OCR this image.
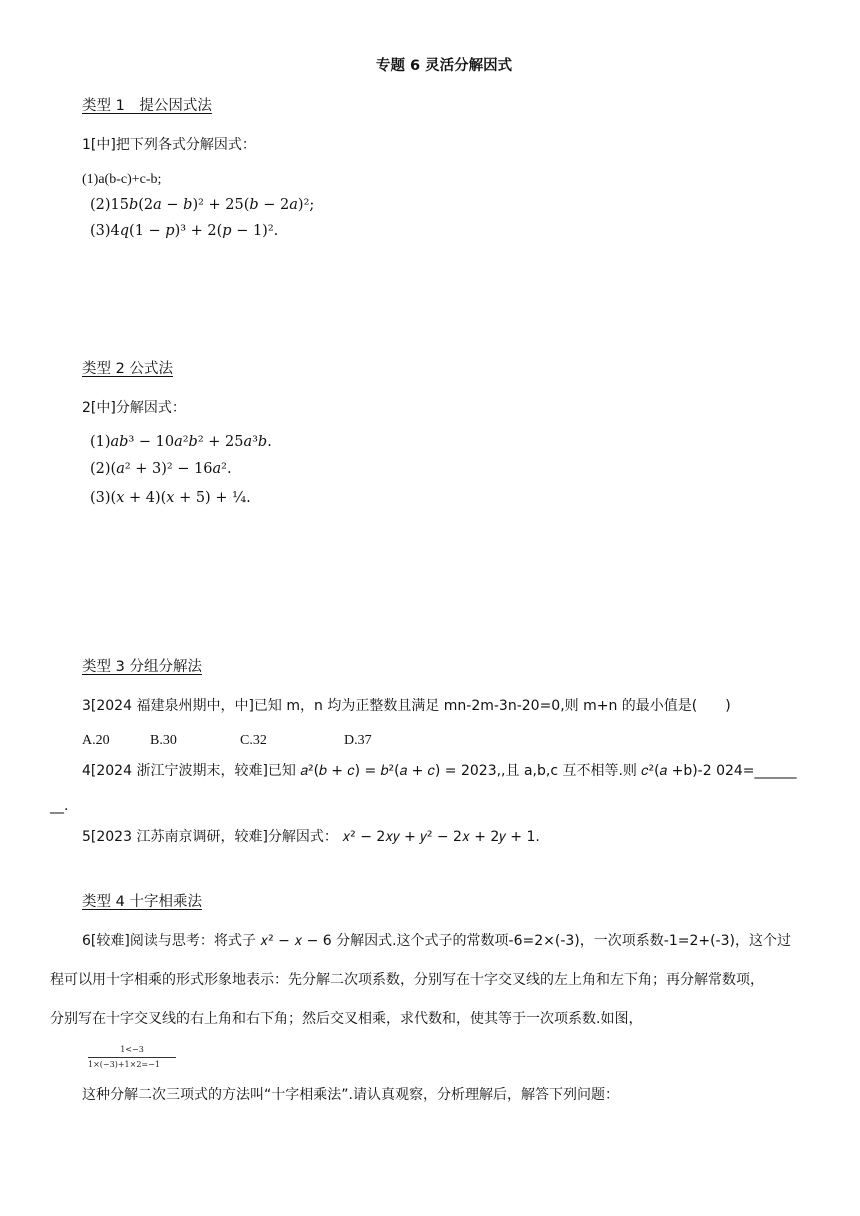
专题 6 灵活分解因式
类型 1　提公因式法
1[中]把下列各式分解因式：
(1)a(b-c)+c-b;
(2)15𝑏(2𝑎 − 𝑏)² + 25(𝑏 − 2𝑎)²;
(3)4𝑞(1 − 𝑝)³ + 2(𝑝 − 1)².
类型 2 公式法
2[中]分解因式：
(1)𝑎𝑏³ − 10𝑎²𝑏² + 25𝑎³𝑏.
(2)(𝑎² + 3)² − 16𝑎².
(3)(𝑥 + 4)(𝑥 + 5) + ¼.
类型 3 分组分解法
3[2024 福建泉州期中，中]已知 m，n 均为正整数且满足 mn-2m-3n-20=0,则 m+n 的最小值是(　　)
A.20	B.30	C.32	D.37
4[2024 浙江宁波期末，较难]已知 𝑎²(𝑏 + 𝑐) = 𝑏²(𝑎 + 𝑐) = 2023,,且 a,b,c 互不相等.则 𝑐²(𝑎 +b)-2 024=______
__.
5[2023 江苏南京调研，较难]分解因式： 𝑥² − 2𝑥𝑦 + 𝑦² − 2𝑥 + 2𝑦 + 1.
类型 4 十字相乘法
6[较难]阅读与思考：将式子 𝑥² − 𝑥 − 6 分解因式.这个式子的常数项-6=2×(-3)，一次项系数-1=2+(-3)，这个过
程可以用十字相乘的形式形象地表示：先分解二次项系数，分别写在十字交叉线的左上角和左下角；再分解常数项，
分别写在十字交叉线的右上角和右下角；然后交叉相乘，求代数和，使其等于一次项系数.如图，
1<−3
1×(−3)+1×2=−1
这种分解二次三项式的方法叫“十字相乘法”.请认真观察，分析理解后，解答下列问题：
